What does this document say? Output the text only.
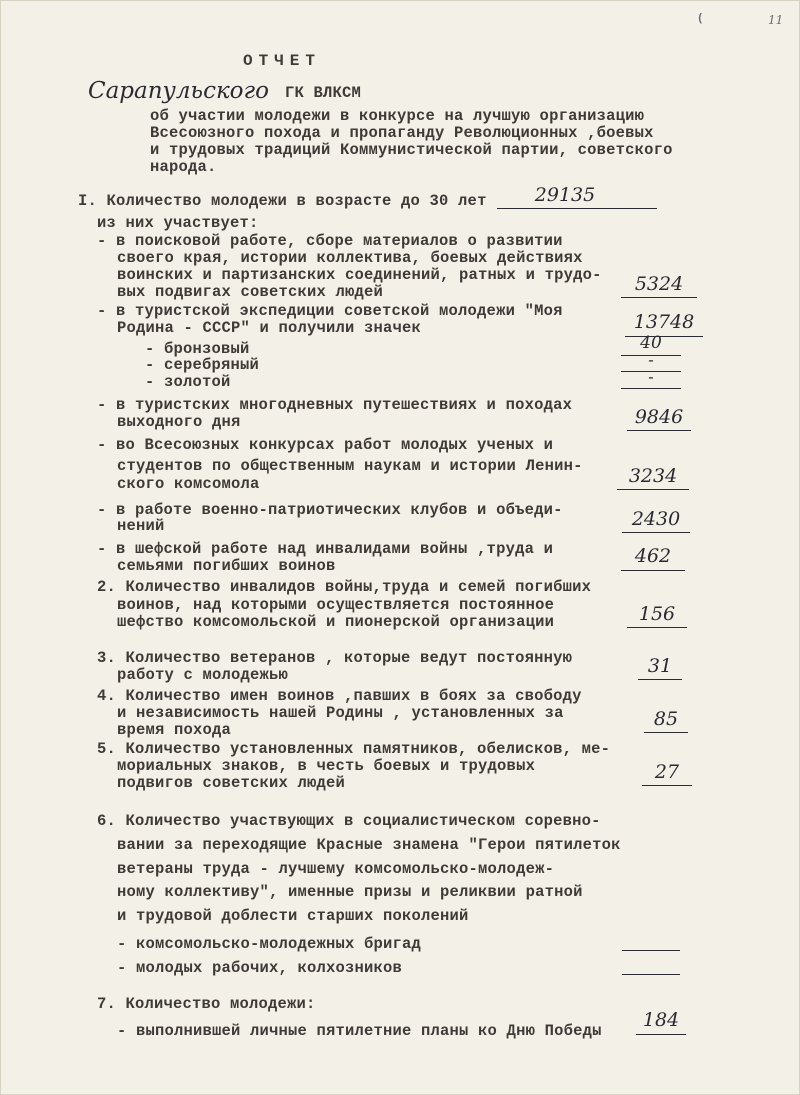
(	11
ОТЧЕТ
Сарапульского ГК ВЛКСМ
об участии молодежи в конкурсе на лучшую организацию
Всесоюзного похода и пропаганду Революционных ,боевых
и трудовых традиций Коммунистической партии, советского
народа.
I. Количество молодежи в возрасте до 30 лет	29135
из них участвует:
- в поисковой работе, сборе материалов о развитии
своего края, истории коллектива, боевых действиях
воинских и партизанских соединений, ратных и трудо-
вых подвигах советских людей	5324
- в туристской экспедиции советской молодежи "Моя
Родина - СССР" и получили значек	13748
- бронзовый	40
- серебряный	-
- золотой	-
- в туристских многодневных путешествиях и походах
выходного дня	9846
- во Всесоюзных конкурсах работ молодых ученых и
студентов по общественным наукам и истории Ленин-
ского комсомола	3234
- в работе военно-патриотических клубов и объеди-
нений	2430
- в шефской работе над инвалидами войны ,труда и
семьями погибших воинов	462
2. Количество инвалидов войны,труда и семей погибших
воинов, над которыми осуществляется постоянное
шефство комсомольской и пионерской организации	156
3. Количество ветеранов , которые ведут постоянную
работу с молодежью	31
4. Количество имен воинов ,павших в боях за свободу
и независимость нашей Родины , установленных за
время похода	85
5. Количество установленных памятников, обелисков, ме-
мориальных знаков, в честь боевых и трудовых
подвигов советских людей	27
6. Количество участвующих в социалистическом соревно-
вании за переходящие Красные знамена "Герои пятилеток
ветераны труда - лучшему комсомольско-молодеж-
ному коллективу", именные призы и реликвии ратной
и трудовой доблести старших поколений
- комсомольско-молодежных бригад
- молодых рабочих, колхозников
7. Количество молодежи:
- выполнившей личные пятилетние планы ко Дню Победы	184
